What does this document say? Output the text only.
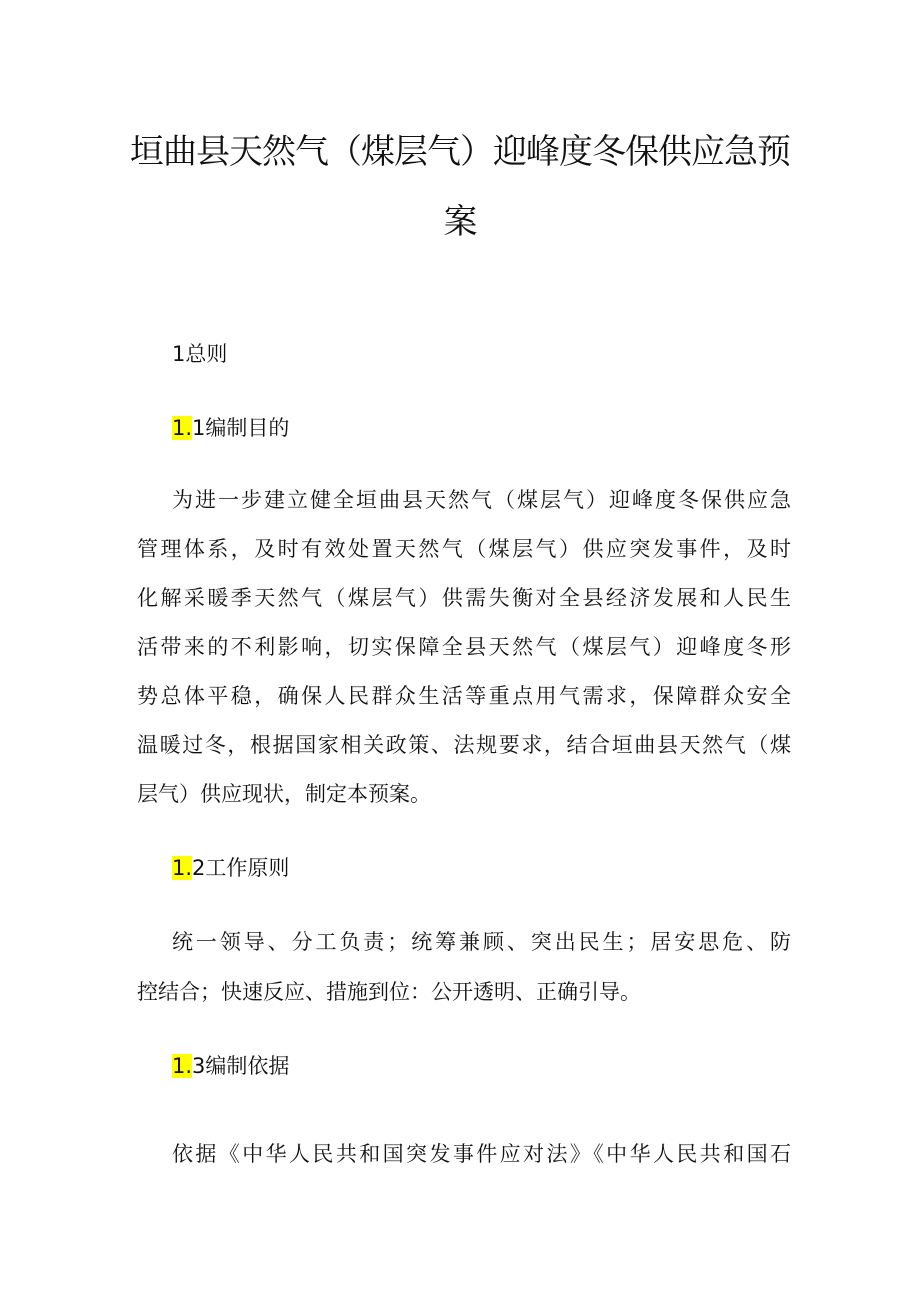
垣曲县天然气（煤层气）迎峰度冬保供应急预
案

1总则

1.1编制目的

为进一步建立健全垣曲县天然气（煤层气）迎峰度冬保供应急

管理体系，及时有效处置天然气（煤层气）供应突发事件，及时

化解采暖季天然气（煤层气）供需失衡对全县经济发展和人民生

活带来的不利影响，切实保障全县天然气（煤层气）迎峰度冬形

势总体平稳，确保人民群众生活等重点用气需求，保障群众安全

温暖过冬，根据国家相关政策、法规要求，结合垣曲县天然气（煤

层气）供应现状，制定本预案。

1.2工作原则

统一领导、分工负责；统筹兼顾、突出民生；居安思危、防

控结合；快速反应、措施到位：公开透明、正确引导。

1.3编制依据

依据《中华人民共和国突发事件应对法》《中华人民共和国石
